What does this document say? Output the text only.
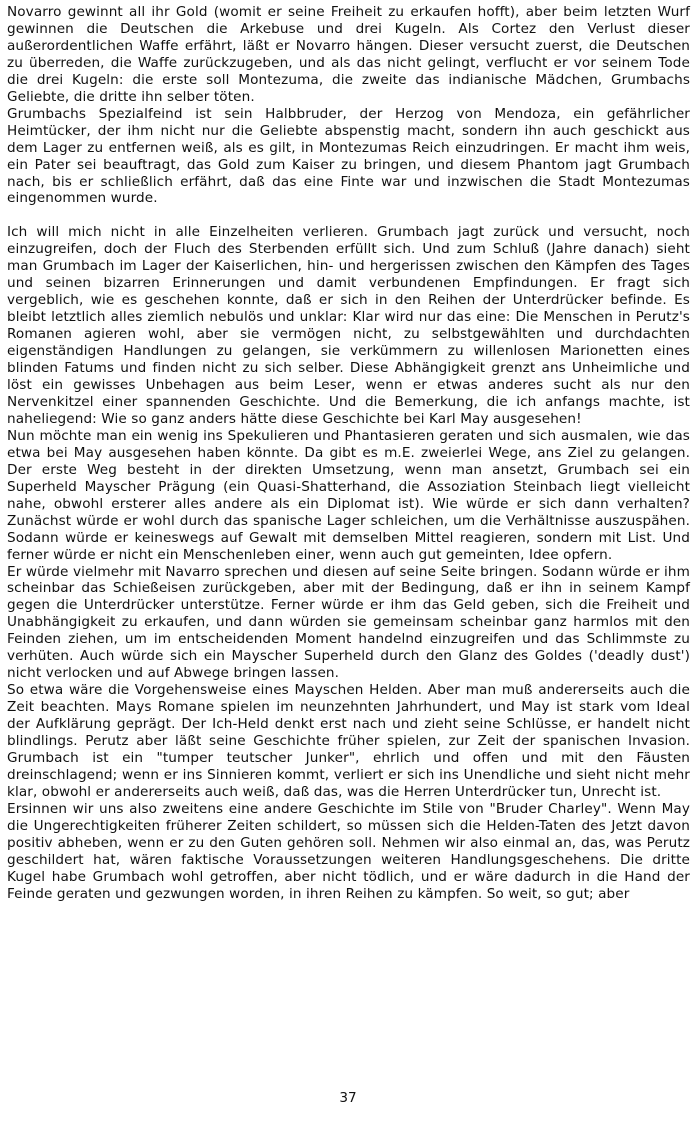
Novarro gewinnt all ihr Gold (womit er seine Freiheit zu erkaufen hofft), aber beim letzten Wurf gewinnen die Deutschen die Arkebuse und drei Kugeln. Als Cortez den Verlust dieser außerordentlichen Waffe erfährt, läßt er Novarro hängen. Dieser versucht zuerst, die Deutschen zu überreden, die Waffe zurückzugeben, und als das nicht gelingt, verflucht er vor seinem Tode die drei Kugeln: die erste soll Montezuma, die zweite das indianische Mädchen, Grumbachs Geliebte, die dritte ihn selber töten.

Grumbachs Spezialfeind ist sein Halbbruder, der Herzog von Mendoza, ein gefährlicher Heimtücker, der ihm nicht nur die Geliebte abspenstig macht, sondern ihn auch geschickt aus dem Lager zu entfernen weiß, als es gilt, in Montezumas Reich einzudringen. Er macht ihm weis, ein Pater sei beauftragt, das Gold zum Kaiser zu bringen, und diesem Phantom jagt Grumbach nach, bis er schließlich erfährt, daß das eine Finte war und inzwischen die Stadt Montezumas eingenommen wurde.

Ich will mich nicht in alle Einzelheiten verlieren. Grumbach jagt zurück und versucht, noch einzugreifen, doch der Fluch des Sterbenden erfüllt sich. Und zum Schluß (Jahre danach) sieht man Grumbach im Lager der Kaiserlichen, hin- und hergerissen zwischen den Kämpfen des Tages und seinen bizarren Erinnerungen und damit verbundenen Empfindungen. Er fragt sich vergeblich, wie es geschehen konnte, daß er sich in den Reihen der Unterdrücker befinde. Es bleibt letztlich alles ziemlich nebulös und unklar: Klar wird nur das eine: Die Menschen in Perutz's Romanen agieren wohl, aber sie vermögen nicht, zu selbstgewählten und durchdachten eigenständigen Handlungen zu gelangen, sie verkümmern zu willenlosen Marionetten eines blinden Fatums und finden nicht zu sich selber. Diese Abhängigkeit grenzt ans Unheimliche und löst ein gewisses Unbehagen aus beim Leser, wenn er etwas anderes sucht als nur den Nervenkitzel einer spannenden Geschichte. Und die Bemerkung, die ich anfangs machte, ist naheliegend: Wie so ganz anders hätte diese Geschichte bei Karl May ausgesehen!

Nun möchte man ein wenig ins Spekulieren und Phantasieren geraten und sich ausmalen, wie das etwa bei May ausgesehen haben könnte. Da gibt es m.E. zweierlei Wege, ans Ziel zu gelangen. Der erste Weg besteht in der direkten Umsetzung, wenn man ansetzt, Grumbach sei ein Superheld Mayscher Prägung (ein Quasi-Shatterhand, die Assoziation Steinbach liegt vielleicht nahe, obwohl ersterer alles andere als ein Diplomat ist). Wie würde er sich dann verhalten? Zunächst würde er wohl durch das spanische Lager schleichen, um die Verhältnisse auszuspähen. Sodann würde er keineswegs auf Gewalt mit demselben Mittel reagieren, sondern mit List. Und ferner würde er nicht ein Menschenleben einer, wenn auch gut gemeinten, Idee opfern.

Er würde vielmehr mit Navarro sprechen und diesen auf seine Seite bringen. Sodann würde er ihm scheinbar das Schießeisen zurückgeben, aber mit der Bedingung, daß er ihn in seinem Kampf gegen die Unterdrücker unterstütze. Ferner würde er ihm das Geld geben, sich die Freiheit und Unabhängigkeit zu erkaufen, und dann würden sie gemeinsam scheinbar ganz harmlos mit den Feinden ziehen, um im entscheidenden Moment handelnd einzugreifen und das Schlimmste zu verhüten. Auch würde sich ein Mayscher Superheld durch den Glanz des Goldes ('deadly dust') nicht verlocken und auf Abwege bringen lassen.

So etwa wäre die Vorgehensweise eines Mayschen Helden. Aber man muß andererseits auch die Zeit beachten. Mays Romane spielen im neunzehnten Jahrhundert, und May ist stark vom Ideal der Aufklärung geprägt. Der Ich-Held denkt erst nach und zieht seine Schlüsse, er handelt nicht blindlings. Perutz aber läßt seine Geschichte früher spielen, zur Zeit der spanischen Invasion. Grumbach ist ein "tumper teutscher Junker", ehrlich und offen und mit den Fäusten dreinschlagend; wenn er ins Sinnieren kommt, verliert er sich ins Unendliche und sieht nicht mehr klar, obwohl er andererseits auch weiß, daß das, was die Herren Unterdrücker tun, Unrecht ist.

Ersinnen wir uns also zweitens eine andere Geschichte im Stile von "Bruder Charley". Wenn May die Ungerechtigkeiten früherer Zeiten schildert, so müssen sich die Helden-Taten des Jetzt davon positiv abheben, wenn er zu den Guten gehören soll. Nehmen wir also einmal an, das, was Perutz geschildert hat, wären faktische Voraussetzungen weiteren Handlungsgeschehens. Die dritte Kugel habe Grumbach wohl getroffen, aber nicht tödlich, und er wäre dadurch in die Hand der Feinde geraten und gezwungen worden, in ihren Reihen zu kämpfen. So weit, so gut; aber

37
